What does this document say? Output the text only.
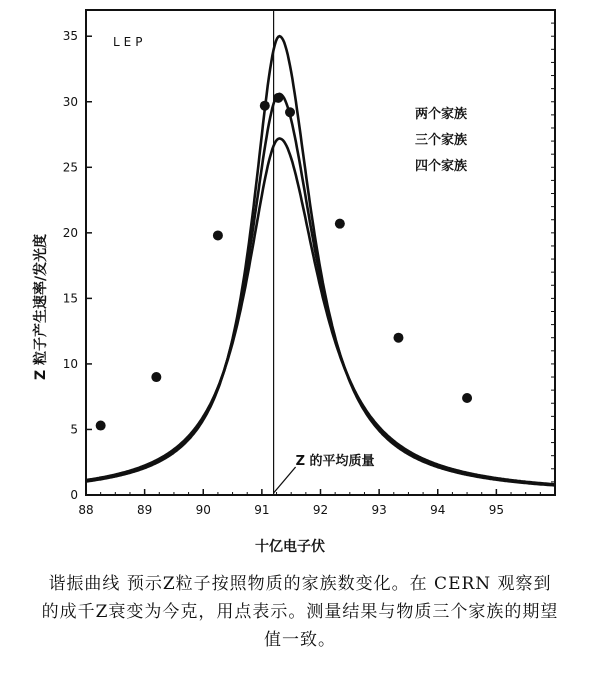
0
5
10
15
20
25
30
35
88	89	90	91	92	93	94	95
Z 的平均质量
LEP
两个家族
三个家族
四个家族
十亿电子伏
Z 粒子产生速率/发光度
谐振曲线 预示Z粒子按照物质的家族数变化。在 CERN 观察到的成千Z衰变为今克，用点表示。测量结果与物质三个家族的期望值一致。
